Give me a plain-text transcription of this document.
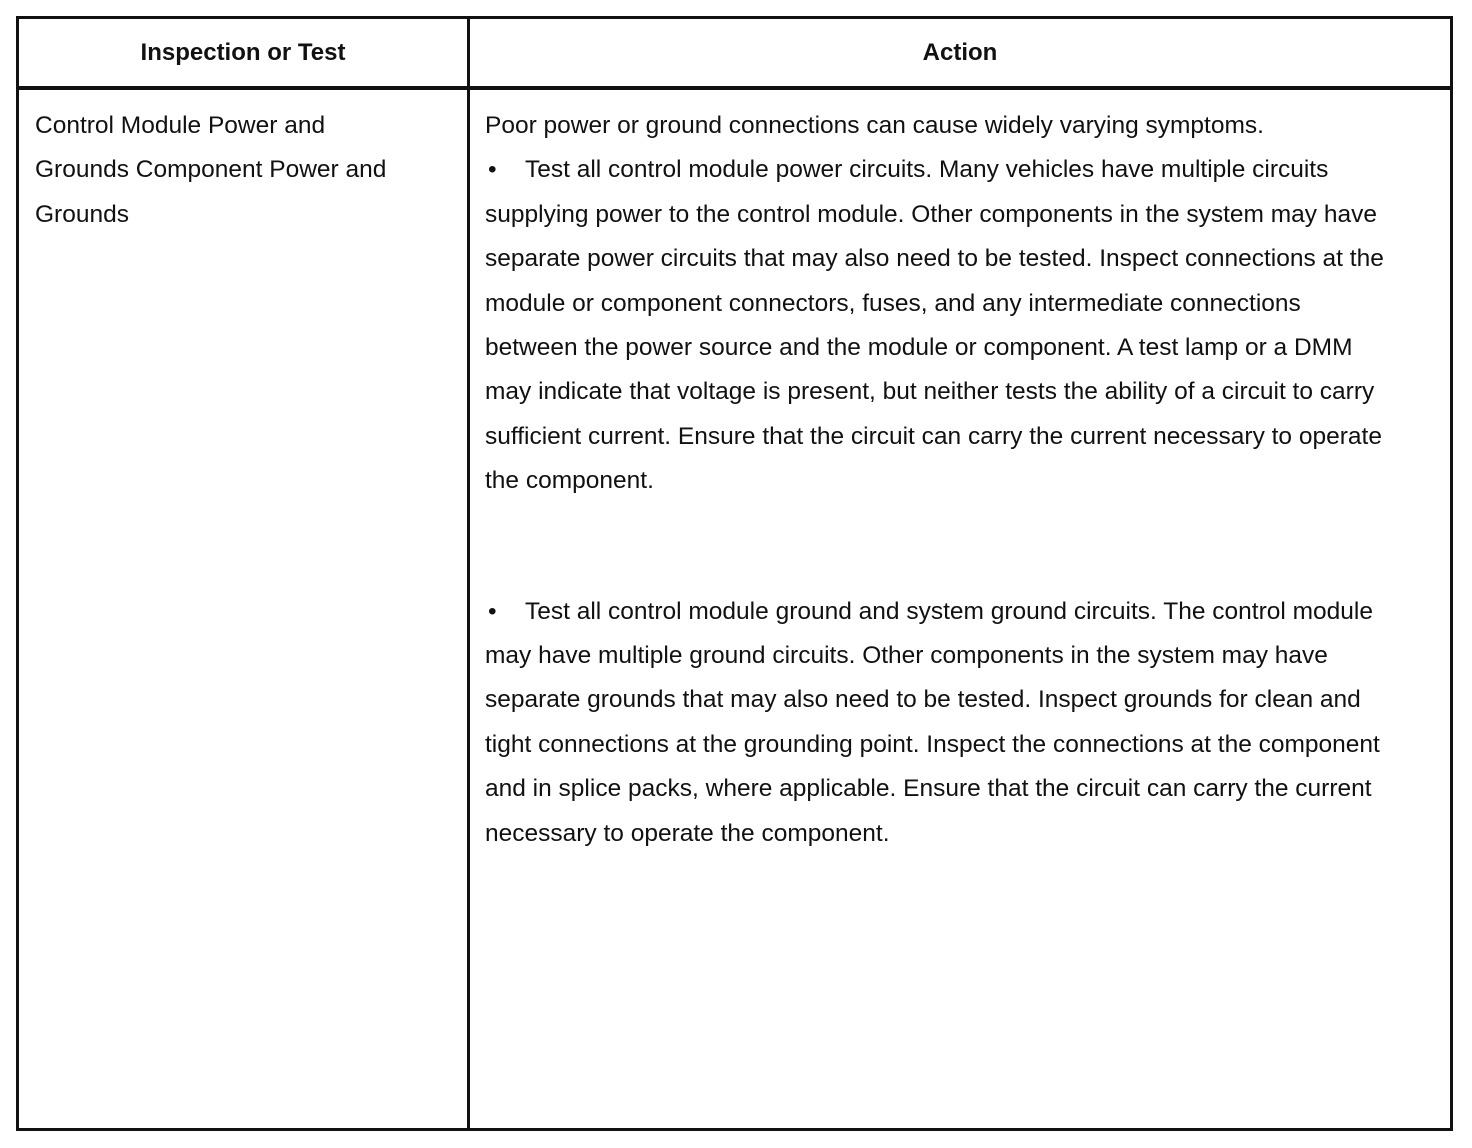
Inspection or Test	Action

Control Module Power and Grounds Component Power and Grounds

Poor power or ground connections can cause widely varying symptoms.

• Test all control module power circuits. Many vehicles have multiple circuits supplying power to the control module. Other components in the system may have separate power circuits that may also need to be tested. Inspect connections at the module or component connectors, fuses, and any intermediate connections between the power source and the module or component. A test lamp or a DMM may indicate that voltage is present, but neither tests the ability of a circuit to carry sufficient current. Ensure that the circuit can carry the current necessary to operate the component.

• Test all control module ground and system ground circuits. The control module may have multiple ground circuits. Other components in the system may have separate grounds that may also need to be tested. Inspect grounds for clean and tight connections at the grounding point. Inspect the connections at the component and in splice packs, where applicable. Ensure that the circuit can carry the current necessary to operate the component.
